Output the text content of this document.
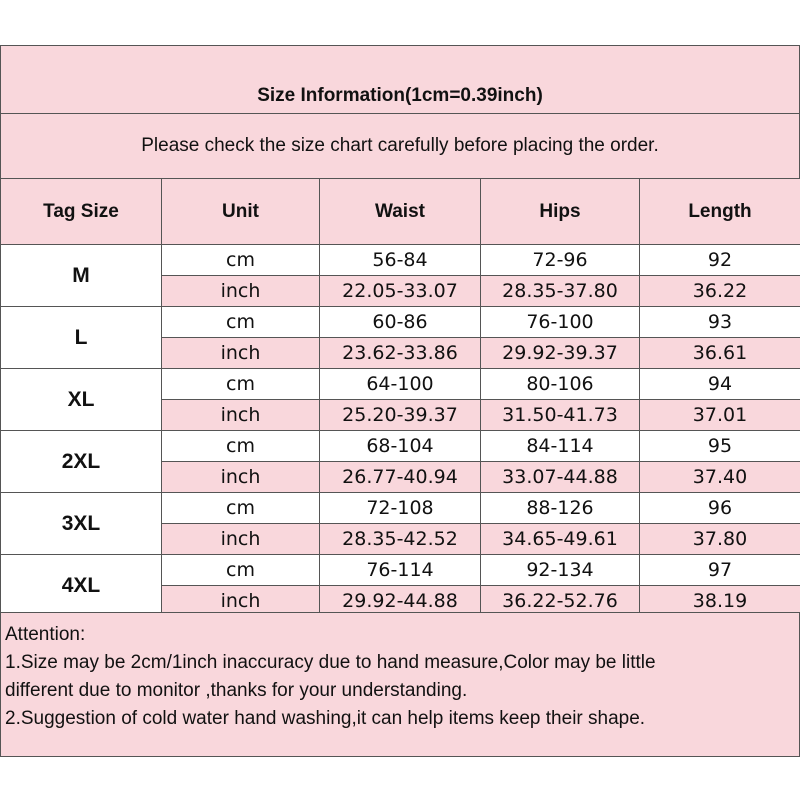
Size Information(1cm=0.39inch)
Please check the size chart carefully before placing the order.
Tag Size	Unit	Waist	Hips	Length
M	cm	56-84	72-96	92
	inch	22.05-33.07	28.35-37.80	36.22
L	cm	60-86	76-100	93
	inch	23.62-33.86	29.92-39.37	36.61
XL	cm	64-100	80-106	94
	inch	25.20-39.37	31.50-41.73	37.01
2XL	cm	68-104	84-114	95
	inch	26.77-40.94	33.07-44.88	37.40
3XL	cm	72-108	88-126	96
	inch	28.35-42.52	34.65-49.61	37.80
4XL	cm	76-114	92-134	97
	inch	29.92-44.88	36.22-52.76	38.19
Attention:
1.Size may be 2cm/1inch inaccuracy due to hand measure,Color may be little
different due to monitor ,thanks for your understanding.
2.Suggestion of cold water hand washing,it can help items keep their shape.
